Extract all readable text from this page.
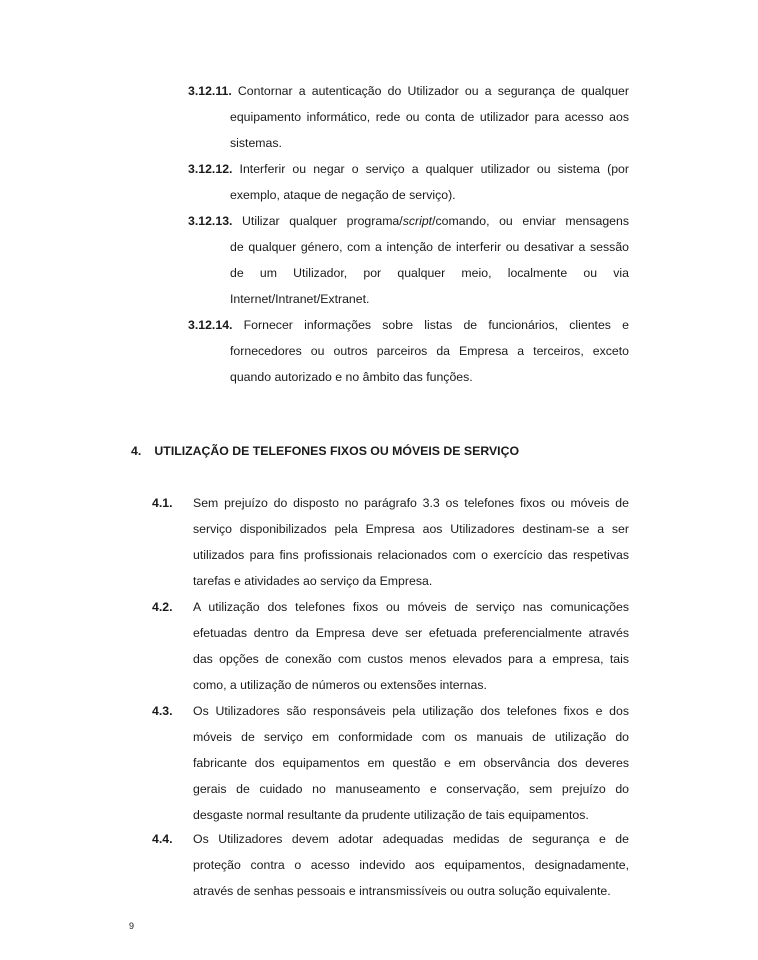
3.12.11. Contornar a autenticação do Utilizador ou a segurança de qualquer
equipamento informático, rede ou conta de utilizador para acesso aos
sistemas.
3.12.12. Interferir ou negar o serviço a qualquer utilizador ou sistema (por
exemplo, ataque de negação de serviço).
3.12.13. Utilizar qualquer programa/script/comando, ou enviar mensagens
de qualquer género, com a intenção de interferir ou desativar a sessão
de um Utilizador, por qualquer meio, localmente ou via
Internet/Intranet/Extranet.
3.12.14. Fornecer informações sobre listas de funcionários, clientes e
fornecedores ou outros parceiros da Empresa a terceiros, exceto
quando autorizado e no âmbito das funções.
4. UTILIZAÇÃO DE TELEFONES FIXOS OU MÓVEIS DE SERVIÇO
4.1. Sem prejuízo do disposto no parágrafo 3.3 os telefones fixos ou móveis de
serviço disponibilizados pela Empresa aos Utilizadores destinam-se a ser
utilizados para fins profissionais relacionados com o exercício das respetivas
tarefas e atividades ao serviço da Empresa.
4.2. A utilização dos telefones fixos ou móveis de serviço nas comunicações
efetuadas dentro da Empresa deve ser efetuada preferencialmente através
das opções de conexão com custos menos elevados para a empresa, tais
como, a utilização de números ou extensões internas.
4.3. Os Utilizadores são responsáveis pela utilização dos telefones fixos e dos
móveis de serviço em conformidade com os manuais de utilização do
fabricante dos equipamentos em questão e em observância dos deveres
gerais de cuidado no manuseamento e conservação, sem prejuízo do
desgaste normal resultante da prudente utilização de tais equipamentos.
4.4. Os Utilizadores devem adotar adequadas medidas de segurança e de
proteção contra o acesso indevido aos equipamentos, designadamente,
através de senhas pessoais e intransmissíveis ou outra solução equivalente.
9
